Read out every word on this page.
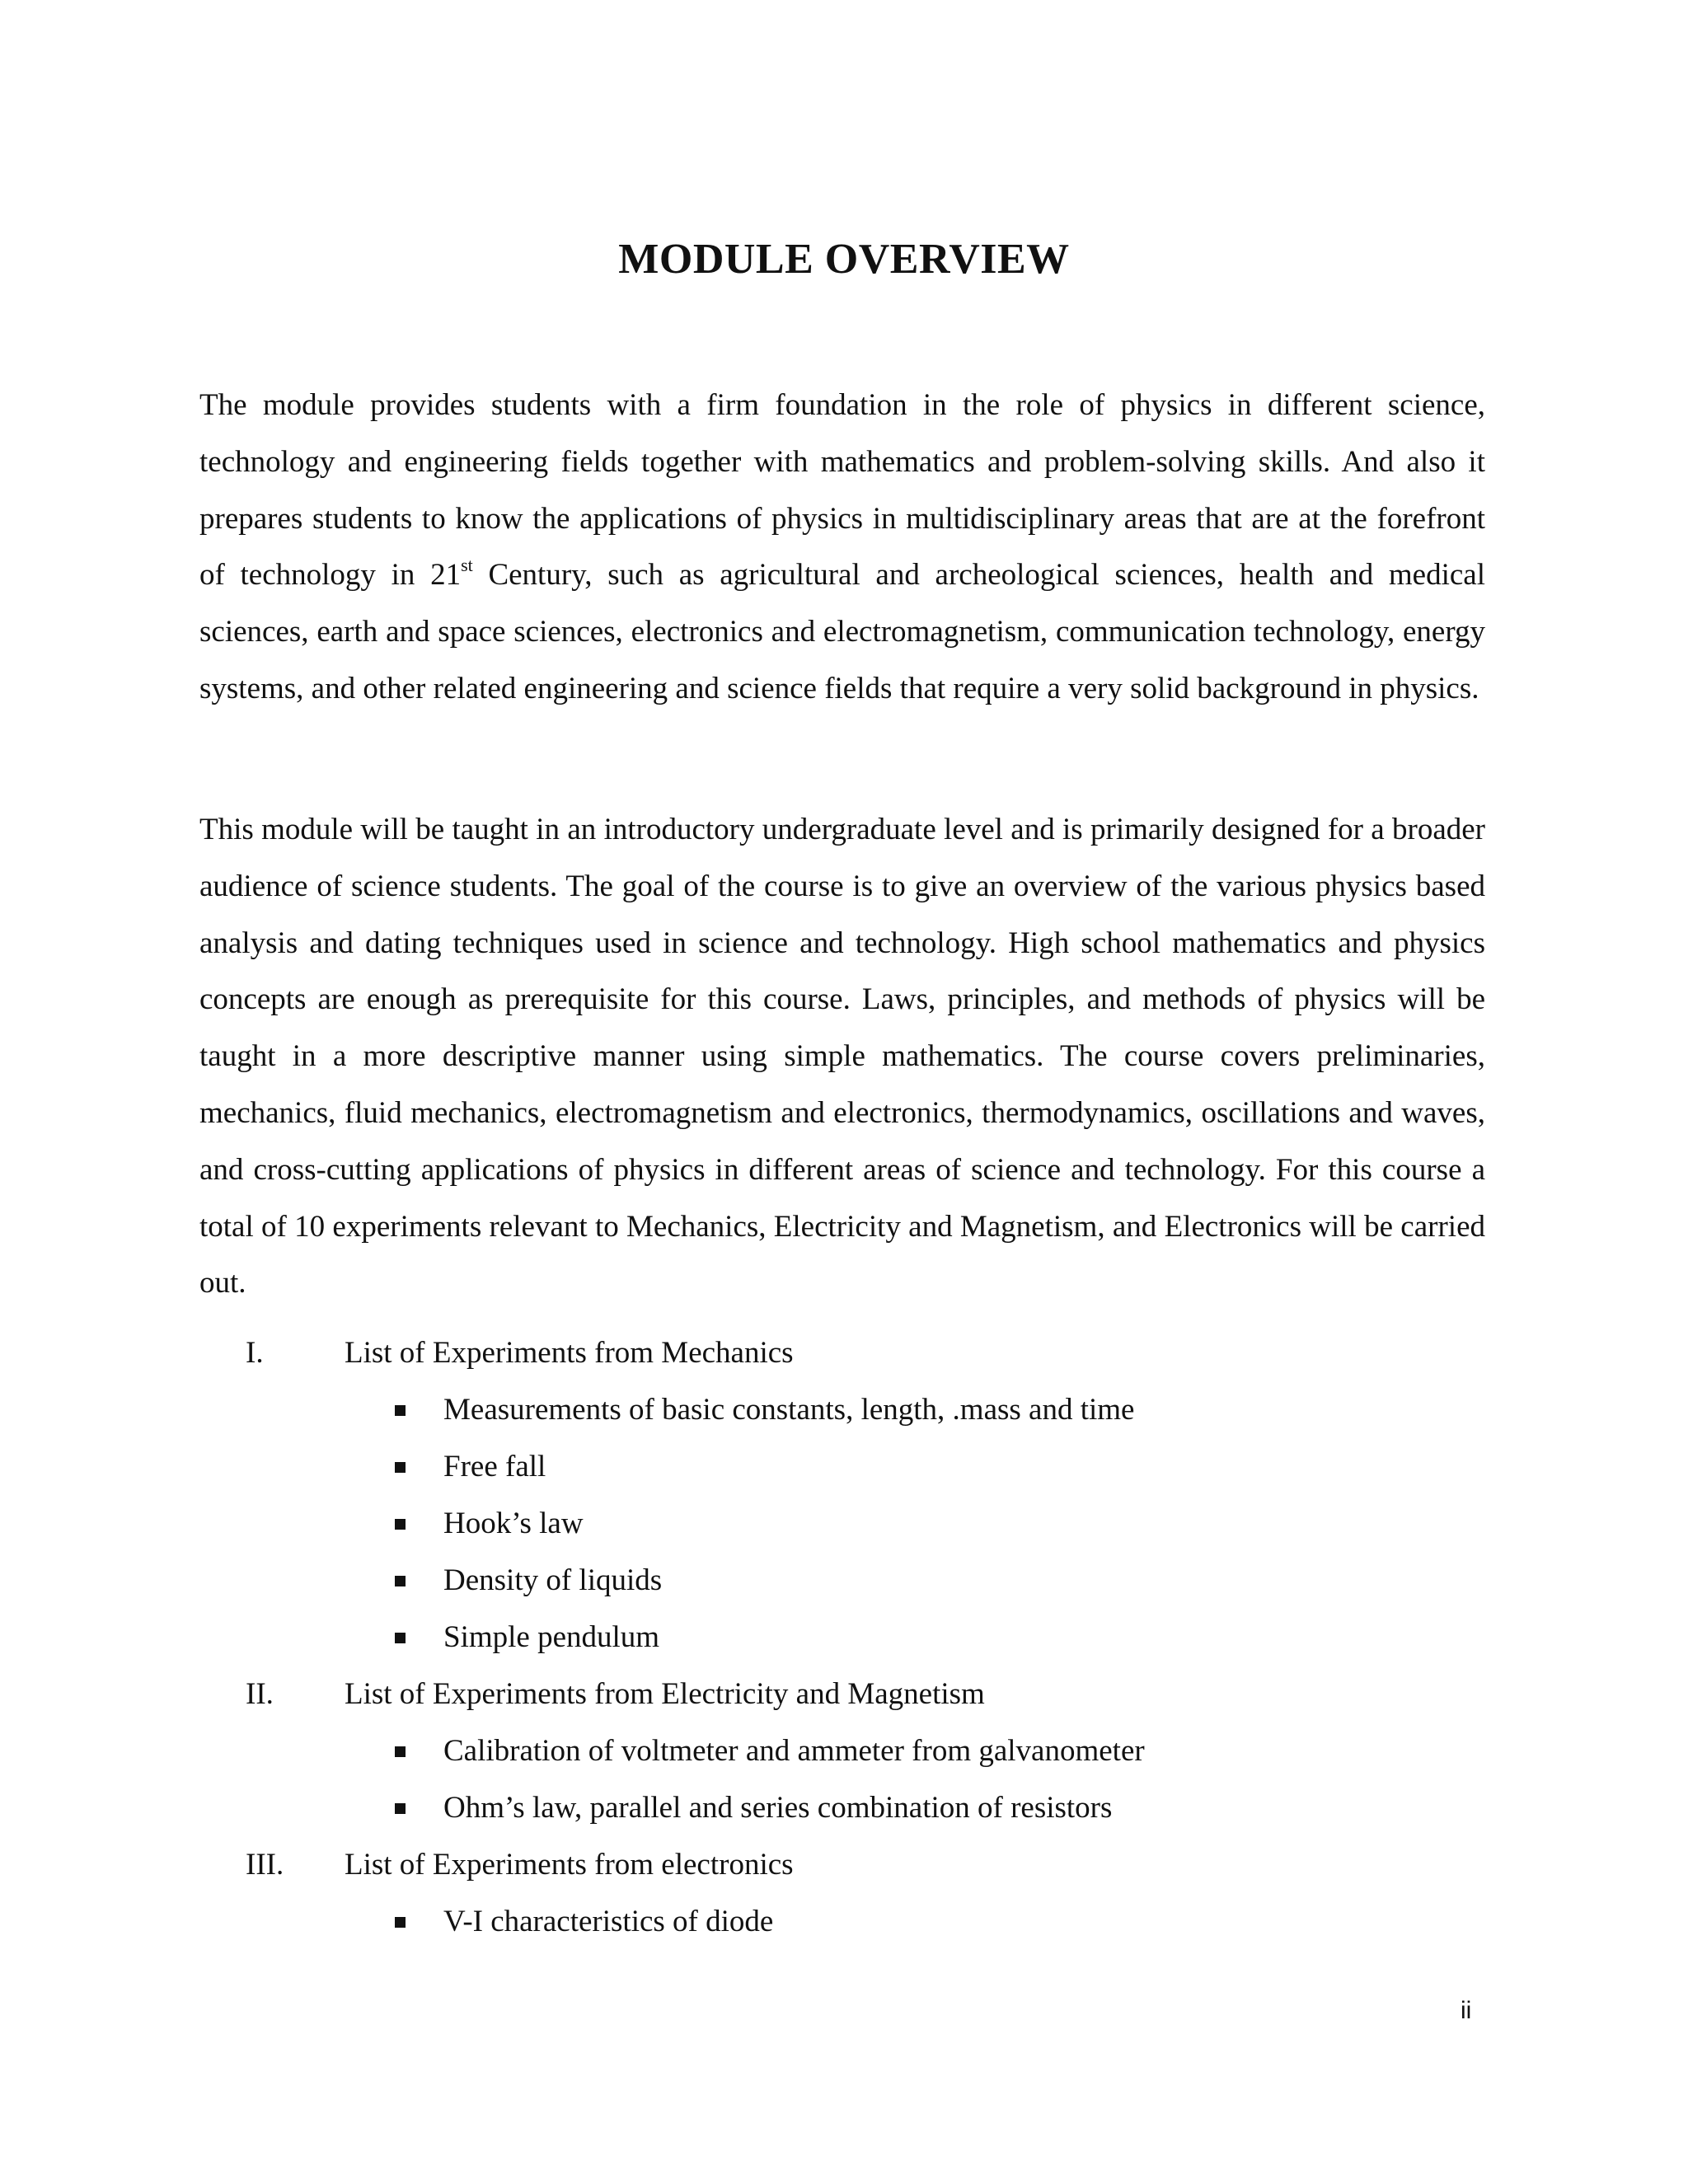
MODULE OVERVIEW

The module provides students with a firm foundation in the role of physics in different science, technology and engineering fields together with mathematics and problem-solving skills. And also it prepares students to know the applications of physics in multidisciplinary areas that are at the forefront of technology in 21st Century, such as agricultural and archeological sciences, health and medical sciences, earth and space sciences, electronics and electromagnetism, communication technology, energy systems, and other related engineering and science fields that require a very solid background in physics.

This module will be taught in an introductory undergraduate level and is primarily designed for a broader audience of science students. The goal of the course is to give an overview of the various physics based analysis and dating techniques used in science and technology. High school mathematics and physics concepts are enough as prerequisite for this course. Laws, principles, and methods of physics will be taught in a more descriptive manner using simple mathematics. The course covers preliminaries, mechanics, fluid mechanics, electromagnetism and electronics, thermodynamics, oscillations and waves, and cross-cutting applications of physics in different areas of science and technology. For this course a total of 10 experiments relevant to Mechanics, Electricity and Magnetism, and Electronics will be carried out.

I.	List of Experiments from Mechanics
Measurements of basic constants, length, .mass and time
Free fall
Hook’s law
Density of liquids
Simple pendulum
II. List of Experiments from Electricity and Magnetism
Calibration of voltmeter and ammeter from galvanometer
Ohm’s law, parallel and series combination of resistors
III. List of Experiments from electronics
V-I characteristics of diode
ii
